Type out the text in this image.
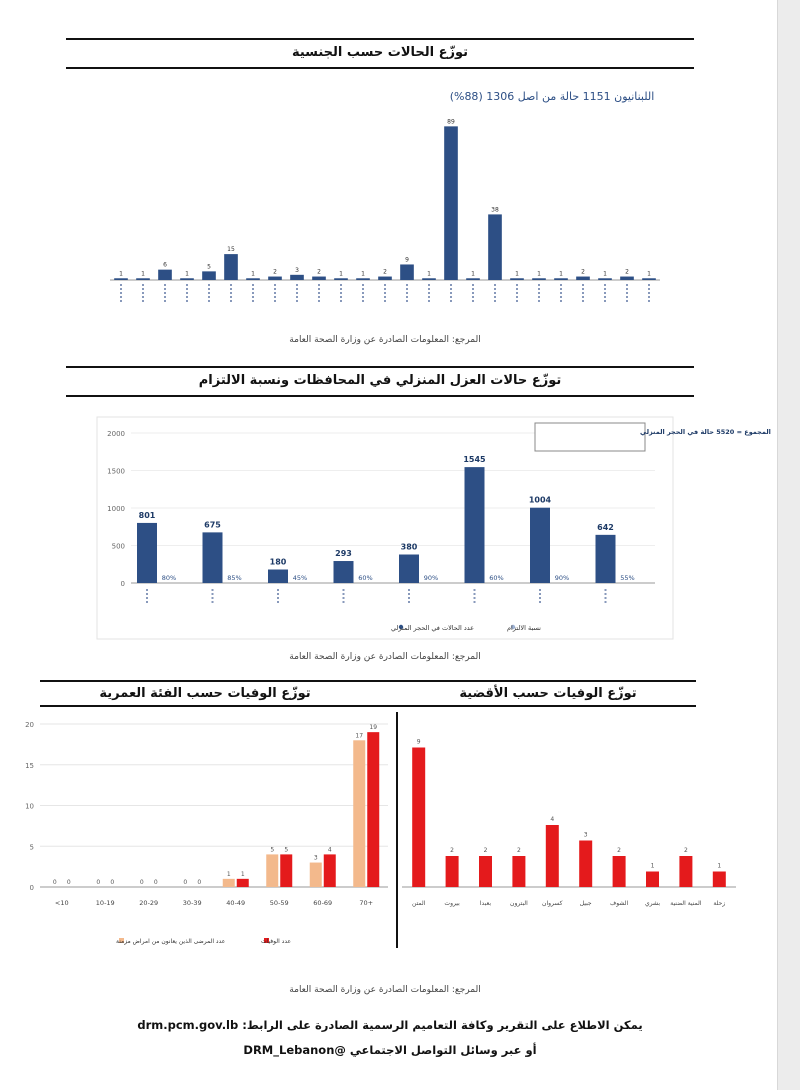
توزّع الحالات حسب الجنسية
اللبنانيون 1151 حالة من اصل 1306 (88%)
1	1
6
1
5
15
1	2	3	2	1	1	2
9
1
89
1
38
1	1	1	2	1	2	1
المرجع: المعلومات الصادرة عن وزارة الصحة العامة
توزّع حالات العزل المنزلي في المحافظات ونسبة الالتزام
2000
1500
1000
500
0
801
80%
675
85%
180
45%
293
60%
380
90%
1545
60%
1004
90%
642
55%
المجموع = 5520 حالة في الحجر المنزلي
عدد الحالات في الحجر المنزلي	نسبة الالتزام
المرجع: المعلومات الصادرة عن وزارة الصحة العامة
توزّع الوفيات حسب الفئة العمرية	توزّع الوفيات حسب الأقضية
20
15
10
5
0
0 0
<10
0 0
10-19
0 0
20-29
0 0
30-39
1 1
40-49
5 5
50-59
3
4
60-69
17
19
70+
عدد المرضى الذين يعانون من امراض مزمنة	عدد الوفيات
9
المتن
2
بيروت
2
بعبدا
2
البترون
4
كسروان
3
جبيل
2
الشوف
1
بشري
2
المنية الضنية
1
زحلة
المرجع: المعلومات الصادرة عن وزارة الصحة العامة
يمكن الاطلاع على التقرير وكافة التعاميم الرسمية الصادرة على الرابط: drm.pcm.gov.lb
أو عبر وسائل التواصل الاجتماعي @DRM_Lebanon
